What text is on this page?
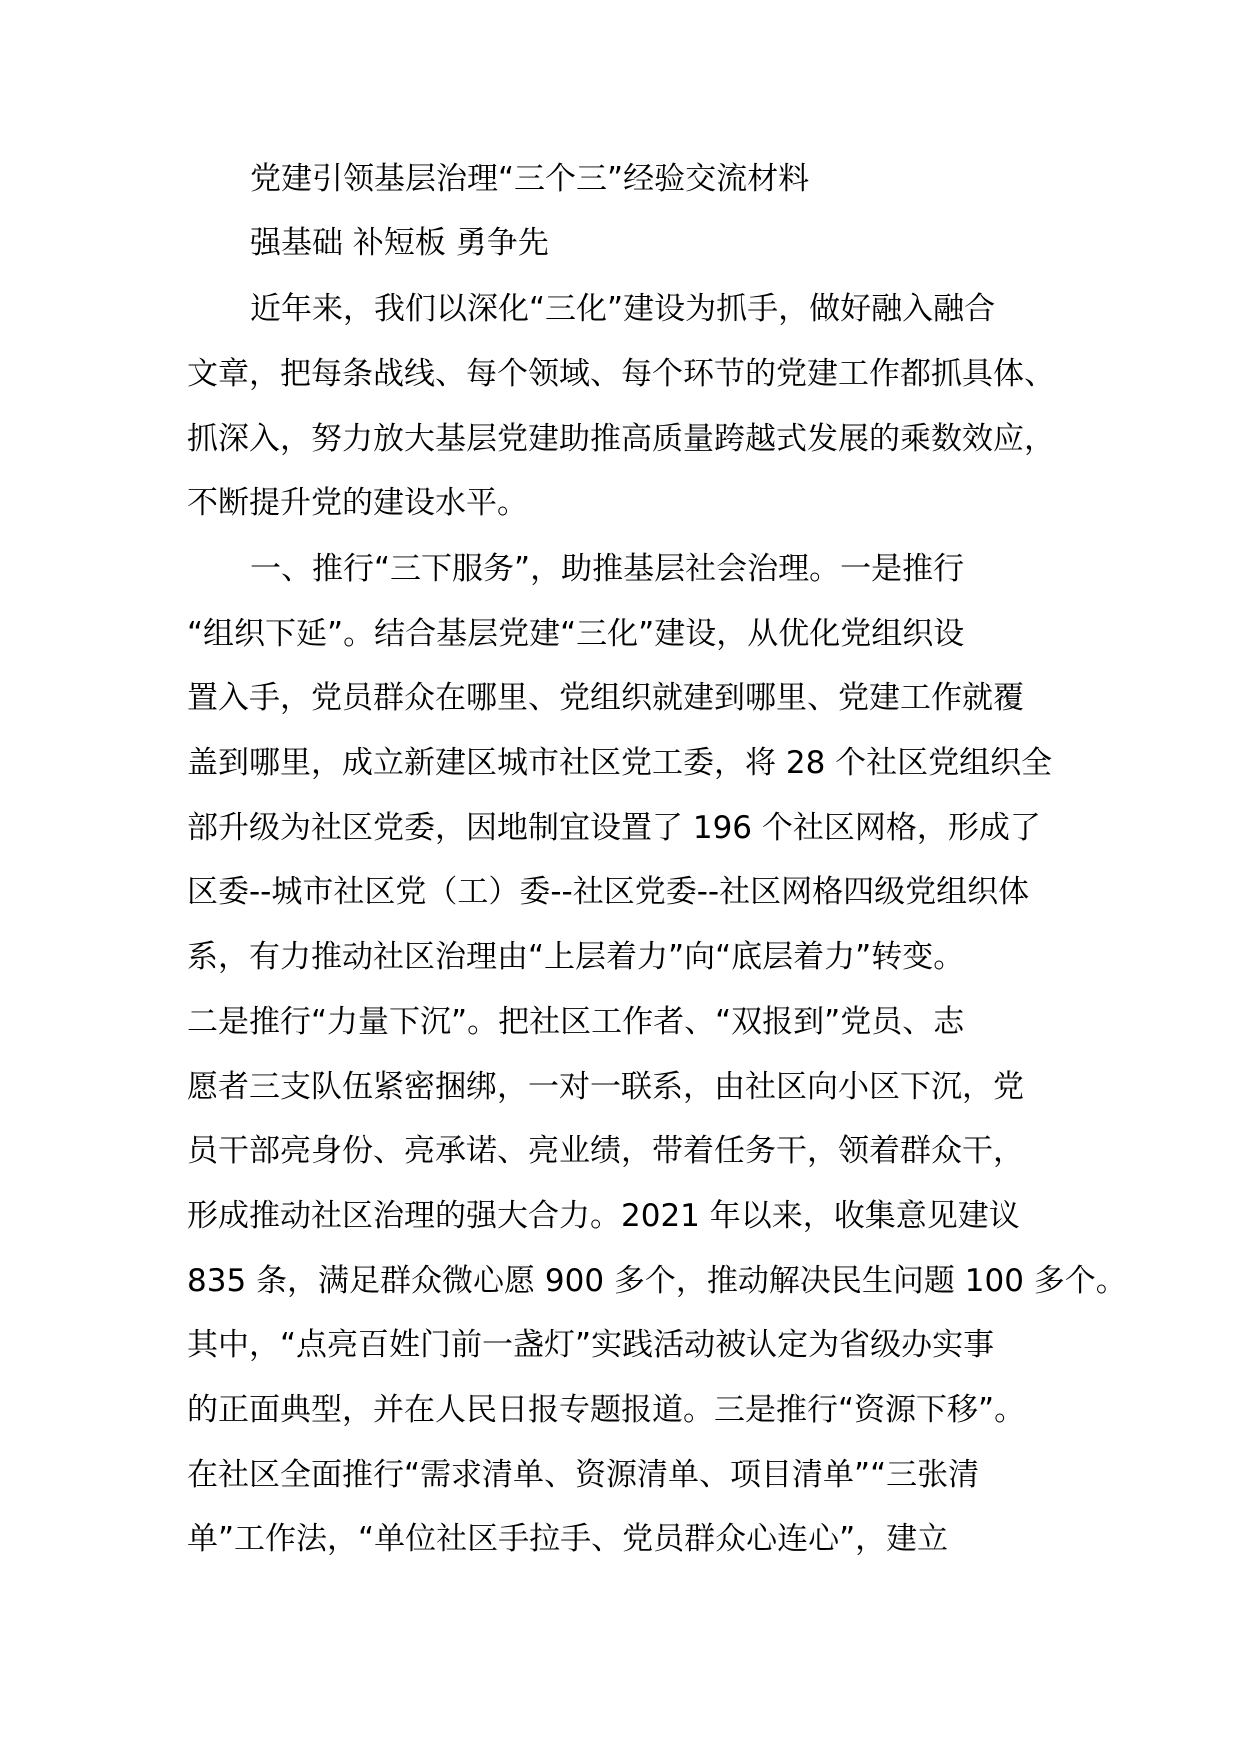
党建引领基层治理“三个三”经验交流材料
强基础 补短板 勇争先
近年来，我们以深化“三化”建设为抓手，做好融入融合
文章，把每条战线、每个领域、每个环节的党建工作都抓具体、
抓深入，努力放大基层党建助推高质量跨越式发展的乘数效应，
不断提升党的建设水平。
一、推行“三下服务”，助推基层社会治理。一是推行
“组织下延”。结合基层党建“三化”建设，从优化党组织设
置入手，党员群众在哪里、党组织就建到哪里、党建工作就覆
盖到哪里，成立新建区城市社区党工委，将 28 个社区党组织全
部升级为社区党委，因地制宜设置了 196 个社区网格，形成了
区委--城市社区党（工）委--社区党委--社区网格四级党组织体
系，有力推动社区治理由“上层着力”向“底层着力”转变。
二是推行“力量下沉”。把社区工作者、“双报到”党员、志
愿者三支队伍紧密捆绑，一对一联系，由社区向小区下沉，党
员干部亮身份、亮承诺、亮业绩，带着任务干，领着群众干，
形成推动社区治理的强大合力。2021 年以来，收集意见建议
835 条，满足群众微心愿 900 多个，推动解决民生问题 100 多个。
其中，“点亮百姓门前一盏灯”实践活动被认定为省级办实事
的正面典型，并在人民日报专题报道。三是推行“资源下移”。
在社区全面推行“需求清单、资源清单、项目清单”“三张清
单”工作法，“单位社区手拉手、党员群众心连心”，建立
